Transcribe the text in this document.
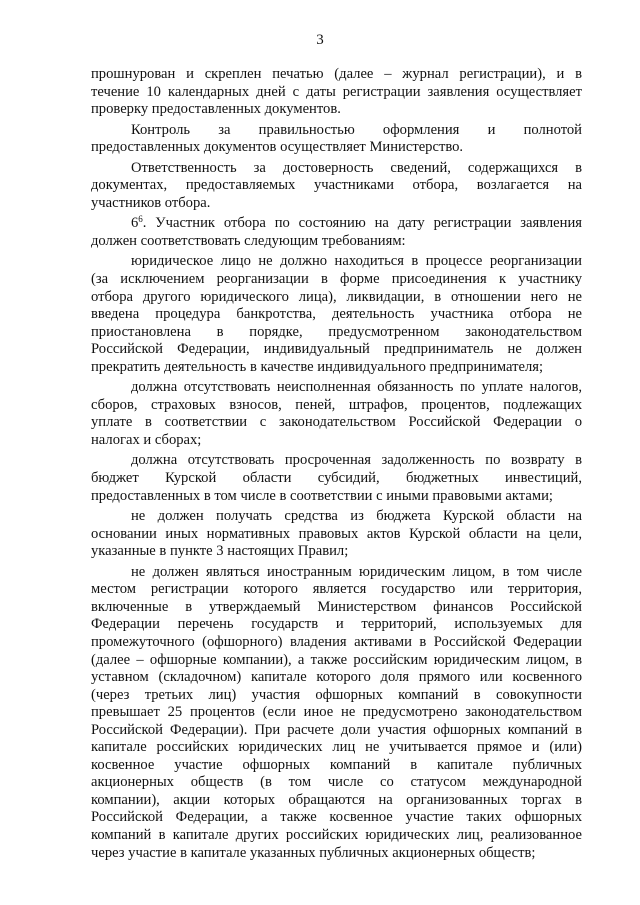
3
прошнурован и скреплен печатью (далее – журнал регистрации), и в
течение 10 календарных дней с даты регистрации заявления осуществляет
проверку предоставленных документов.
Контроль за правильностью оформления и полнотой
предоставленных документов осуществляет Министерство.
Ответственность за достоверность сведений, содержащихся в
документах, предоставляемых участниками отбора, возлагается на
участников отбора.
$6^6$. Участник отбора по состоянию на дату регистрации заявления
должен соответствовать следующим требованиям:
юридическое лицо не должно находиться в процессе реорганизации
(за исключением реорганизации в форме присоединения к участнику
отбора другого юридического лица), ликвидации, в отношении него не
введена процедура банкротства, деятельность участника отбора не
приостановлена в порядке, предусмотренном законодательством
Российской Федерации, индивидуальный предприниматель не должен
прекратить деятельность в качестве индивидуального предпринимателя;
должна отсутствовать неисполненная обязанность по уплате налогов,
сборов, страховых взносов, пеней, штрафов, процентов, подлежащих
уплате в соответствии с законодательством Российской Федерации о
налогах и сборах;
должна отсутствовать просроченная задолженность по возврату в
бюджет Курской области субсидий, бюджетных инвестиций,
предоставленных в том числе в соответствии с иными правовыми актами;
не должен получать средства из бюджета Курской области на
основании иных нормативных правовых актов Курской области на цели,
указанные в пункте 3 настоящих Правил;
не должен являться иностранным юридическим лицом, в том числе
местом регистрации которого является государство или территория,
включенные в утверждаемый Министерством финансов Российской
Федерации перечень государств и территорий, используемых для
промежуточного (офшорного) владения активами в Российской Федерации
(далее – офшорные компании), а также российским юридическим лицом, в
уставном (складочном) капитале которого доля прямого или косвенного
(через третьих лиц) участия офшорных компаний в совокупности
превышает 25 процентов (если иное не предусмотрено законодательством
Российской Федерации). При расчете доли участия офшорных компаний в
капитале российских юридических лиц не учитывается прямое и (или)
косвенное участие офшорных компаний в капитале публичных
акционерных обществ (в том числе со статусом международной
компании), акции которых обращаются на организованных торгах в
Российской Федерации, а также косвенное участие таких офшорных
компаний в капитале других российских юридических лиц, реализованное
через участие в капитале указанных публичных акционерных обществ;
